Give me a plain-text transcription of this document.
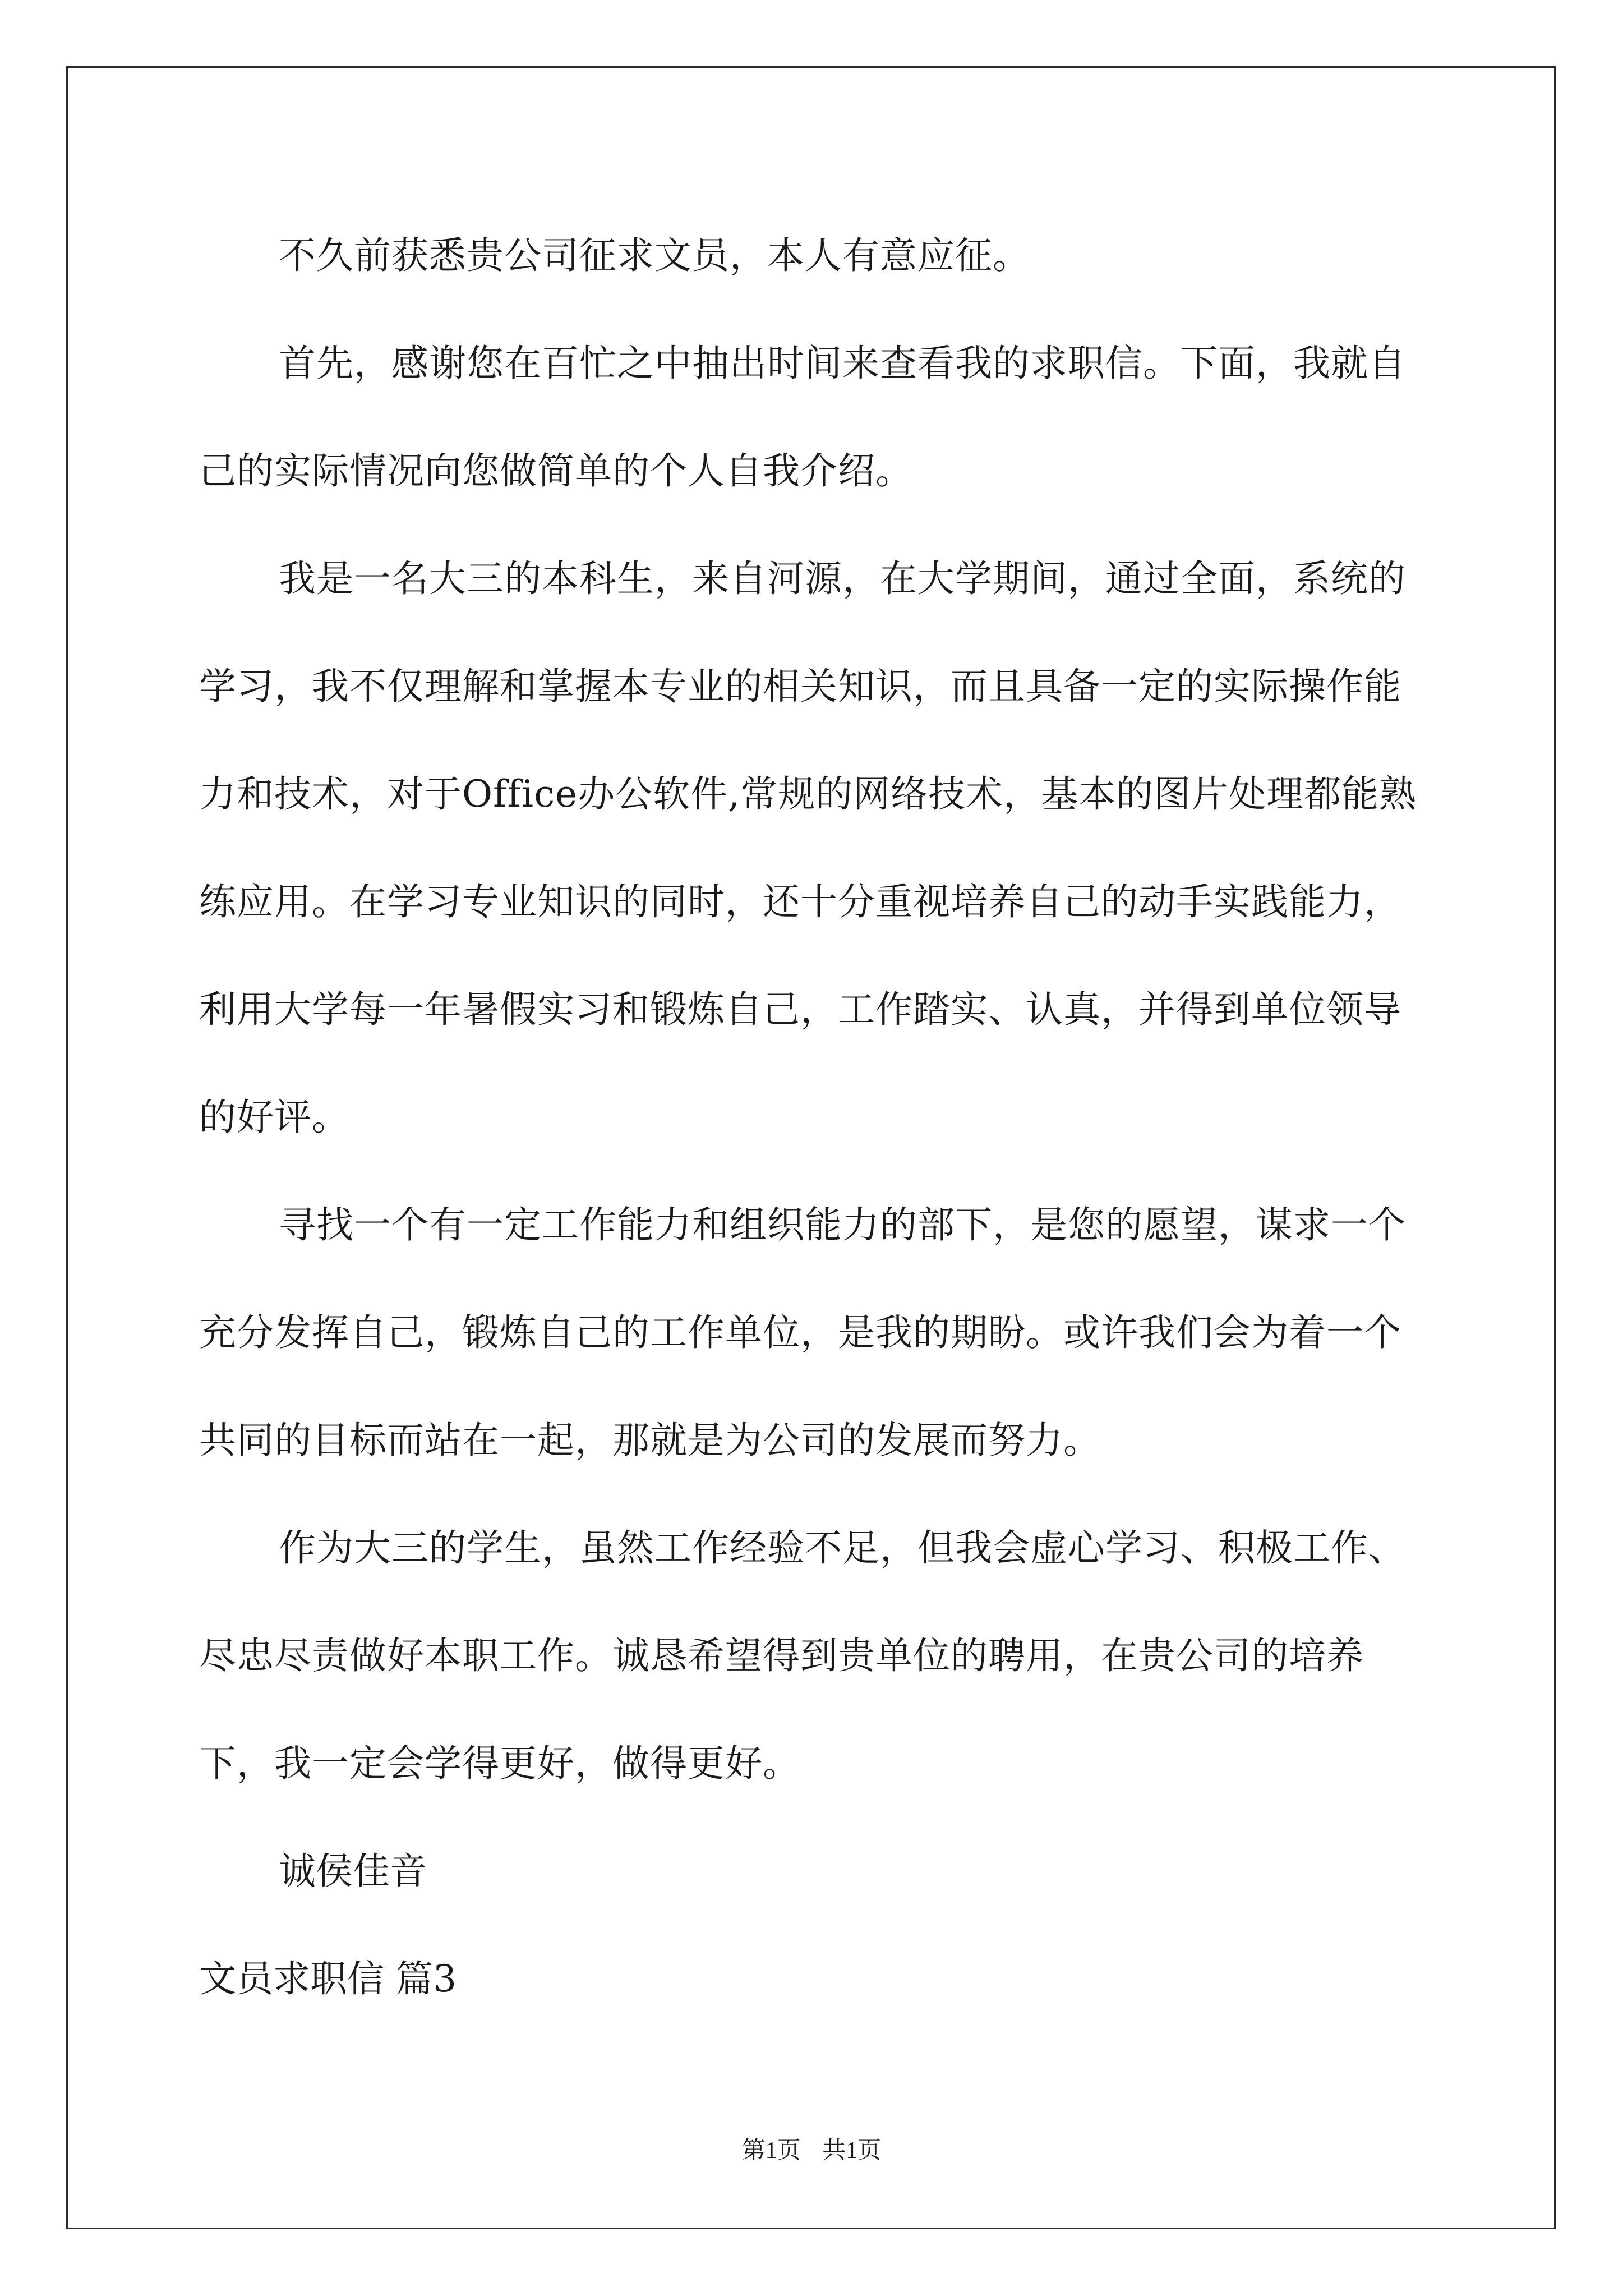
不久前获悉贵公司征求文员，本人有意应征。

首先，感谢您在百忙之中抽出时间来查看我的求职信。下面，我就自己的实际情况向您做简单的个人自我介绍。

我是一名大三的本科生，来自河源，在大学期间，通过全面，系统的学习，我不仅理解和掌握本专业的相关知识，而且具备一定的实际操作能力和技术，对于Office办公软件,常规的网络技术，基本的图片处理都能熟练应用。在学习专业知识的同时，还十分重视培养自己的动手实践能力，利用大学每一年暑假实习和锻炼自己，工作踏实、认真，并得到单位领导的好评。

寻找一个有一定工作能力和组织能力的部下，是您的愿望，谋求一个充分发挥自己，锻炼自己的工作单位，是我的期盼。或许我们会为着一个共同的目标而站在一起，那就是为公司的发展而努力。

作为大三的学生，虽然工作经验不足，但我会虚心学习、积极工作、尽忠尽责做好本职工作。诚恳希望得到贵单位的聘用，在贵公司的培养下，我一定会学得更好，做得更好。

诚侯佳音

文员求职信 篇3

第1页 共1页
